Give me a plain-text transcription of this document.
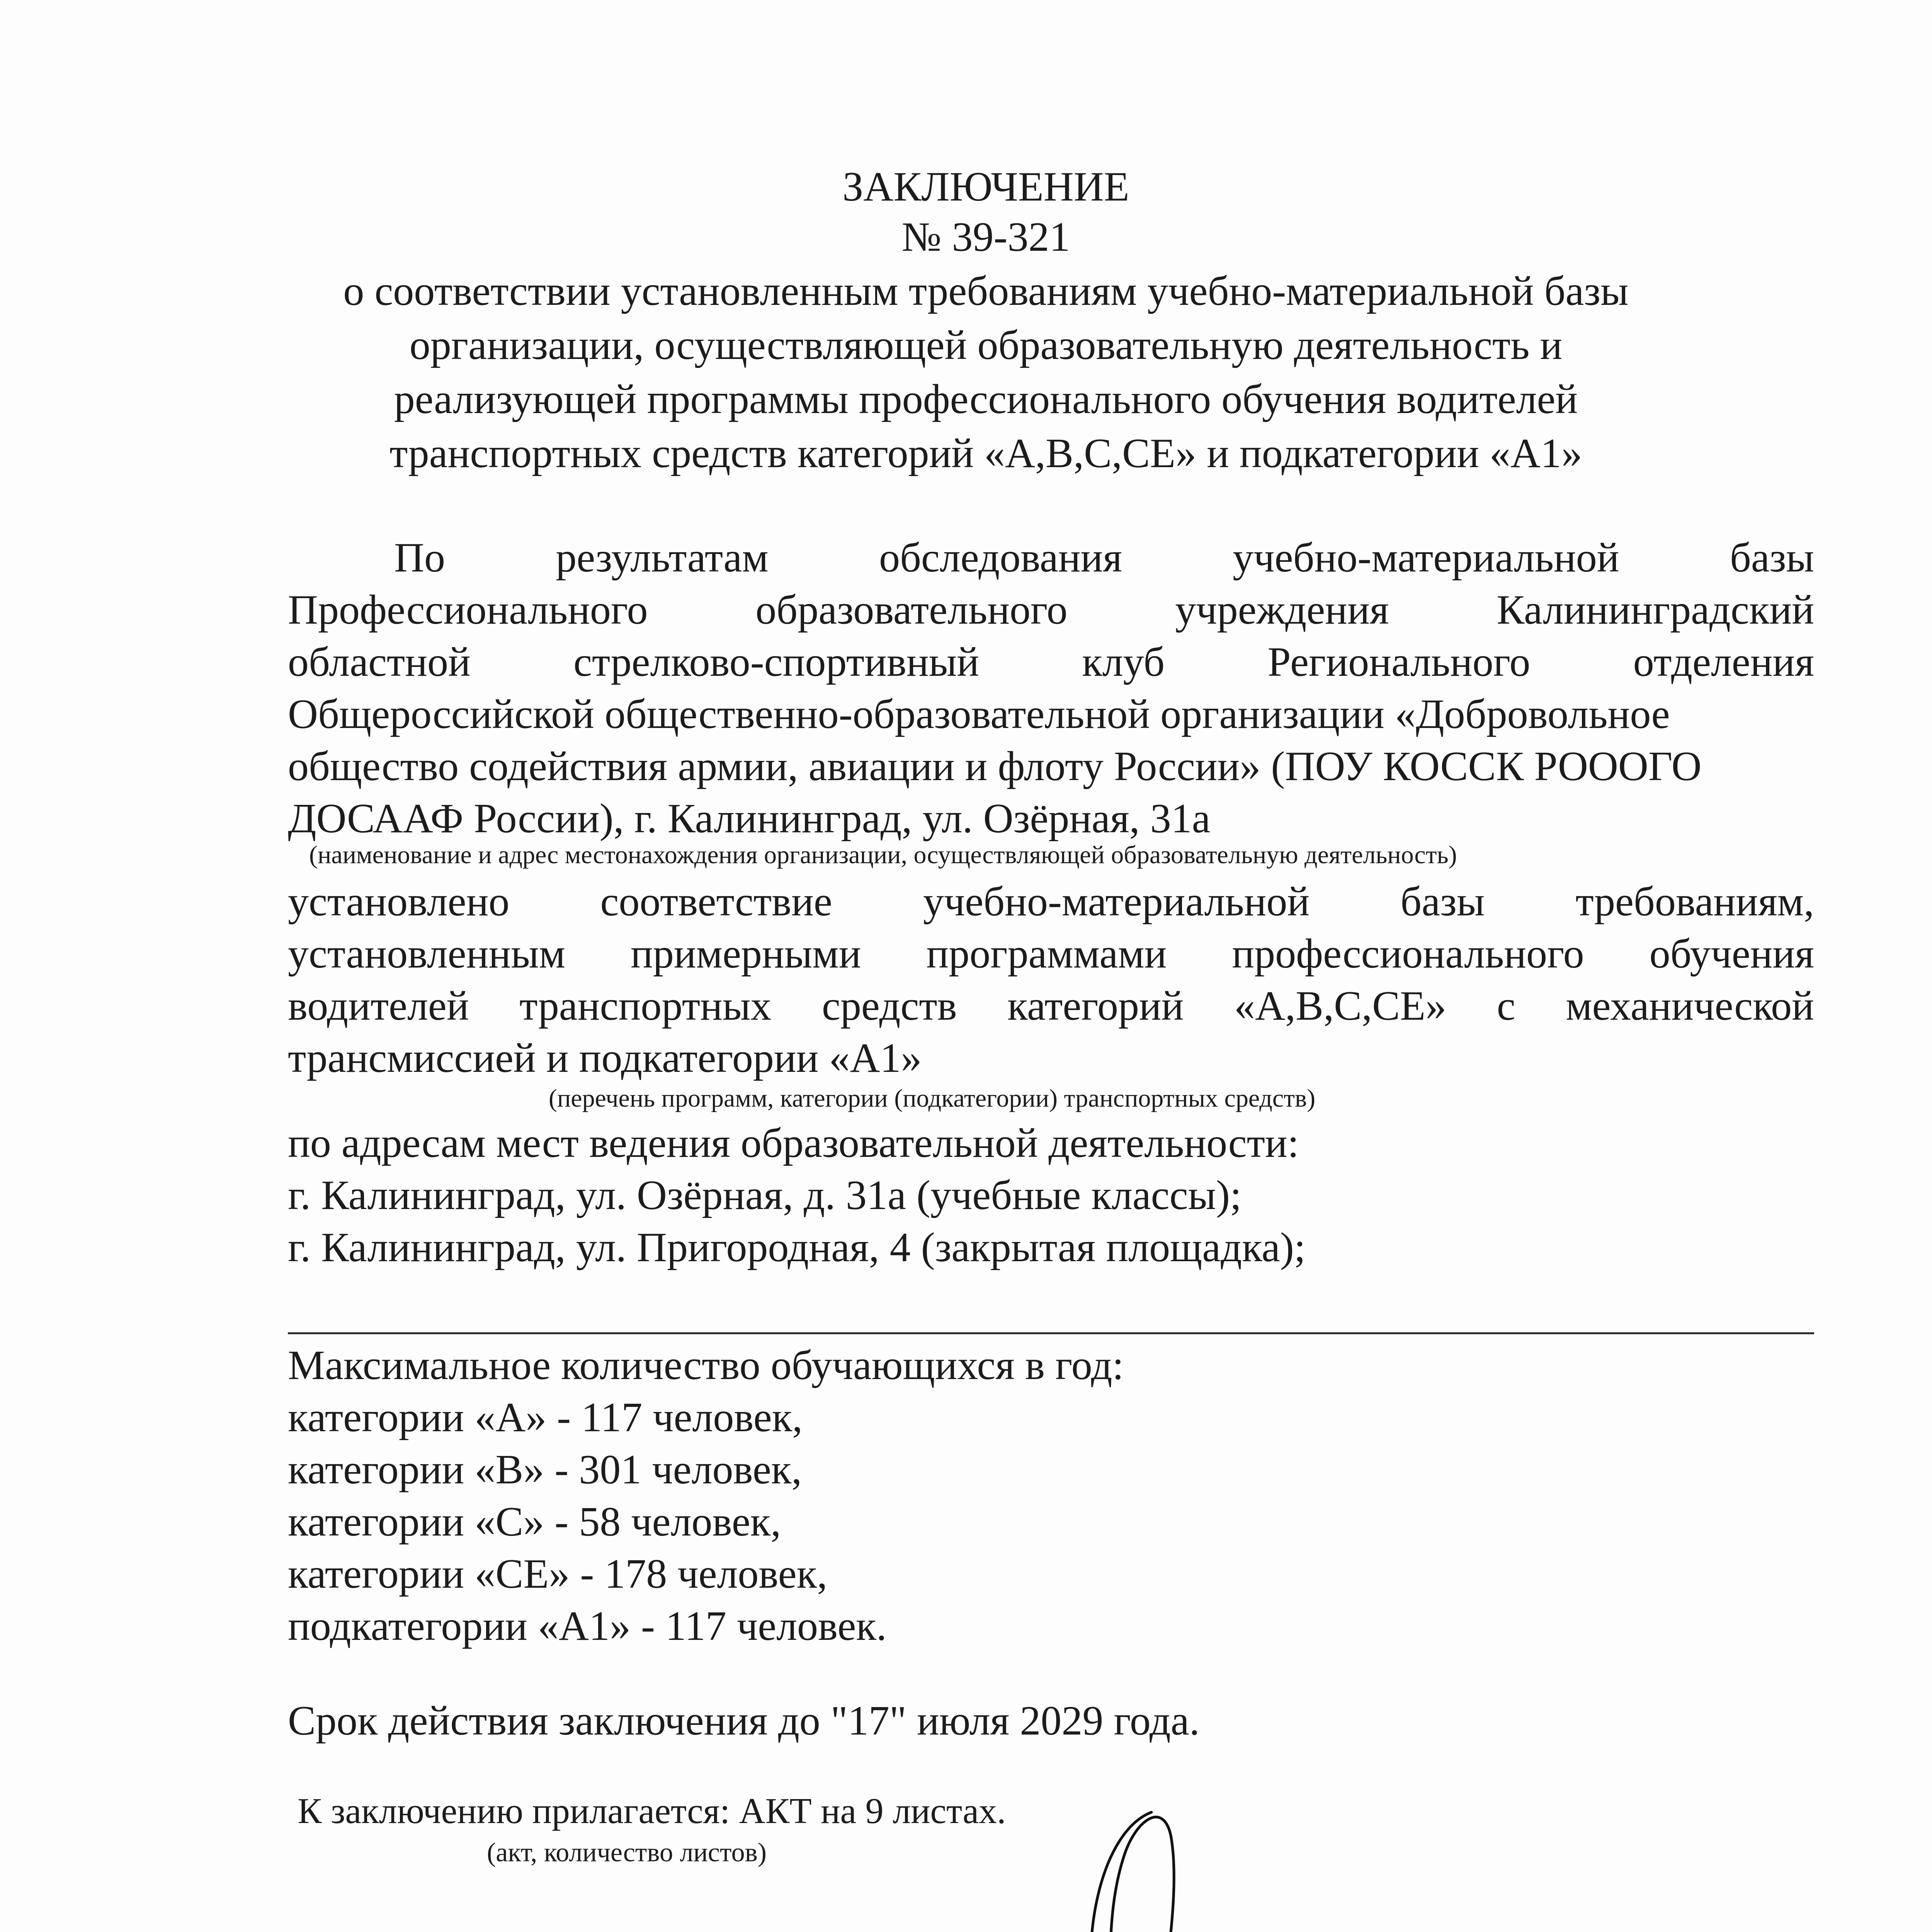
ЗАКЛЮЧЕНИЕ
№ 39-321
о соответствии установленным требованиям учебно-материальной базы
организации, осуществляющей образовательную деятельность и
реализующей программы профессионального обучения водителей
транспортных средств категорий «A,B,C,CE» и подкатегории «A1»
По	результатам	обследования	учебно-материальной	базы
Профессионального	образовательного	учреждения	Калининградский
областной стрелково-спортивный клуб Регионального отделения
Общероссийской общественно-образовательной организации «Добровольное
общество содействия армии, авиации и флоту России» (ПОУ КОССК РОООГО
ДОСААФ России), г. Калининград, ул. Озёрная, 31а
(наименование и адрес местонахождения организации, осуществляющей образовательную деятельность)
установлено соответствие учебно-материальной базы требованиям,
установленным примерными программами профессионального обучения
водителей транспортных средств категорий «A,B,C,CE» с механической
трансмиссией и подкатегории «A1»
(перечень программ, категории (подкатегории) транспортных средств)
по адресам мест ведения образовательной деятельности:
г. Калининград, ул. Озёрная, д. 31а (учебные классы);
г. Калининград, ул. Пригородная, 4 (закрытая площадка);
Максимальное количество обучающихся в год:
категории «А» - 117 человек,
категории «В» - 301 человек,
категории «С» - 58 человек,
категории «СЕ» - 178 человек,
подкатегории «А1» - 117 человек.
Срок действия заключения до "17" июля 2029 года.
К заключению прилагается: АКТ на 9 листах.
(акт, количество листов)
